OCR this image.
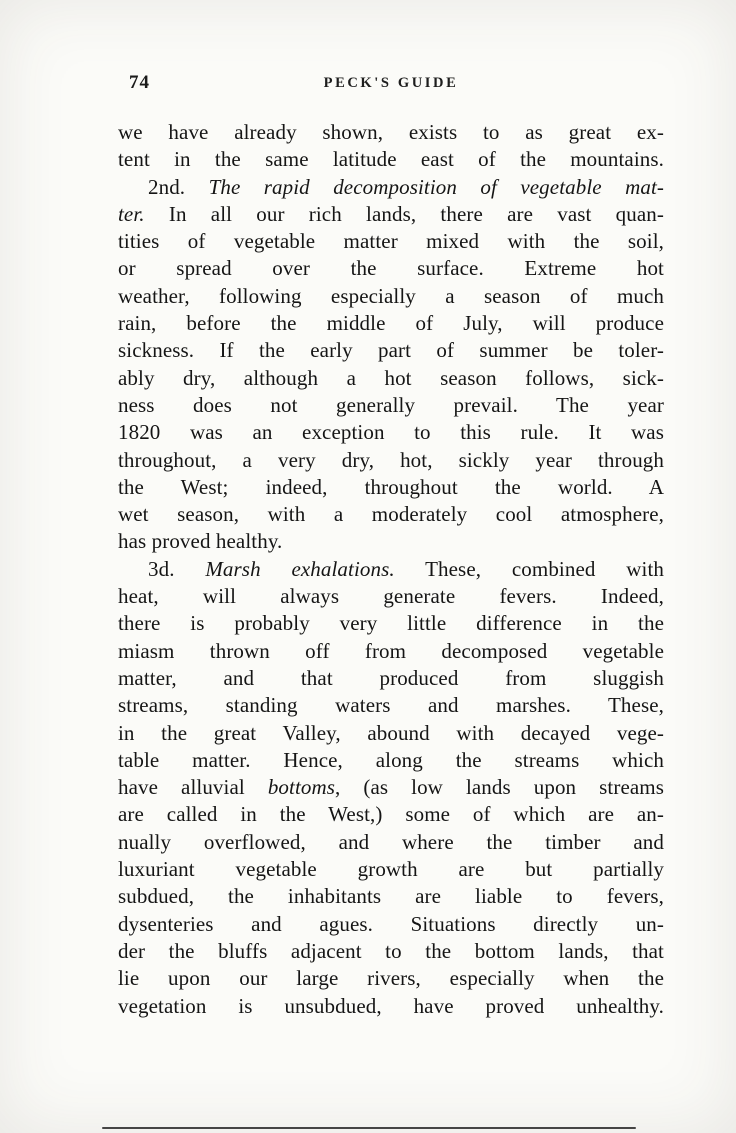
74	PECK'S GUIDE
we have already shown, exists to as great ex-
tent in the same latitude east of the mountains.
2nd. The rapid decomposition of vegetable mat-
ter. In all our rich lands, there are vast quan-
tities of vegetable matter mixed with the soil,
or spread over the surface. Extreme hot
weather, following especially a season of much
rain, before the middle of July, will produce
sickness. If the early part of summer be toler-
ably dry, although a hot season follows, sick-
ness does not generally prevail. The year
1820 was an exception to this rule. It was
throughout, a very dry, hot, sickly year through
the West; indeed, throughout the world. A
wet season, with a moderately cool atmosphere,
has proved healthy.
3d. Marsh exhalations. These, combined with
heat, will always generate fevers. Indeed,
there is probably very little difference in the
miasm thrown off from decomposed vegetable
matter, and that produced from sluggish
streams, standing waters and marshes. These,
in the great Valley, abound with decayed vege-
table matter. Hence, along the streams which
have alluvial bottoms, (as low lands upon streams
are called in the West,) some of which are an-
nually overflowed, and where the timber and
luxuriant vegetable growth are but partially
subdued, the inhabitants are liable to fevers,
dysenteries and agues. Situations directly un-
der the bluffs adjacent to the bottom lands, that
lie upon our large rivers, especially when the
vegetation is unsubdued, have proved unhealthy.
